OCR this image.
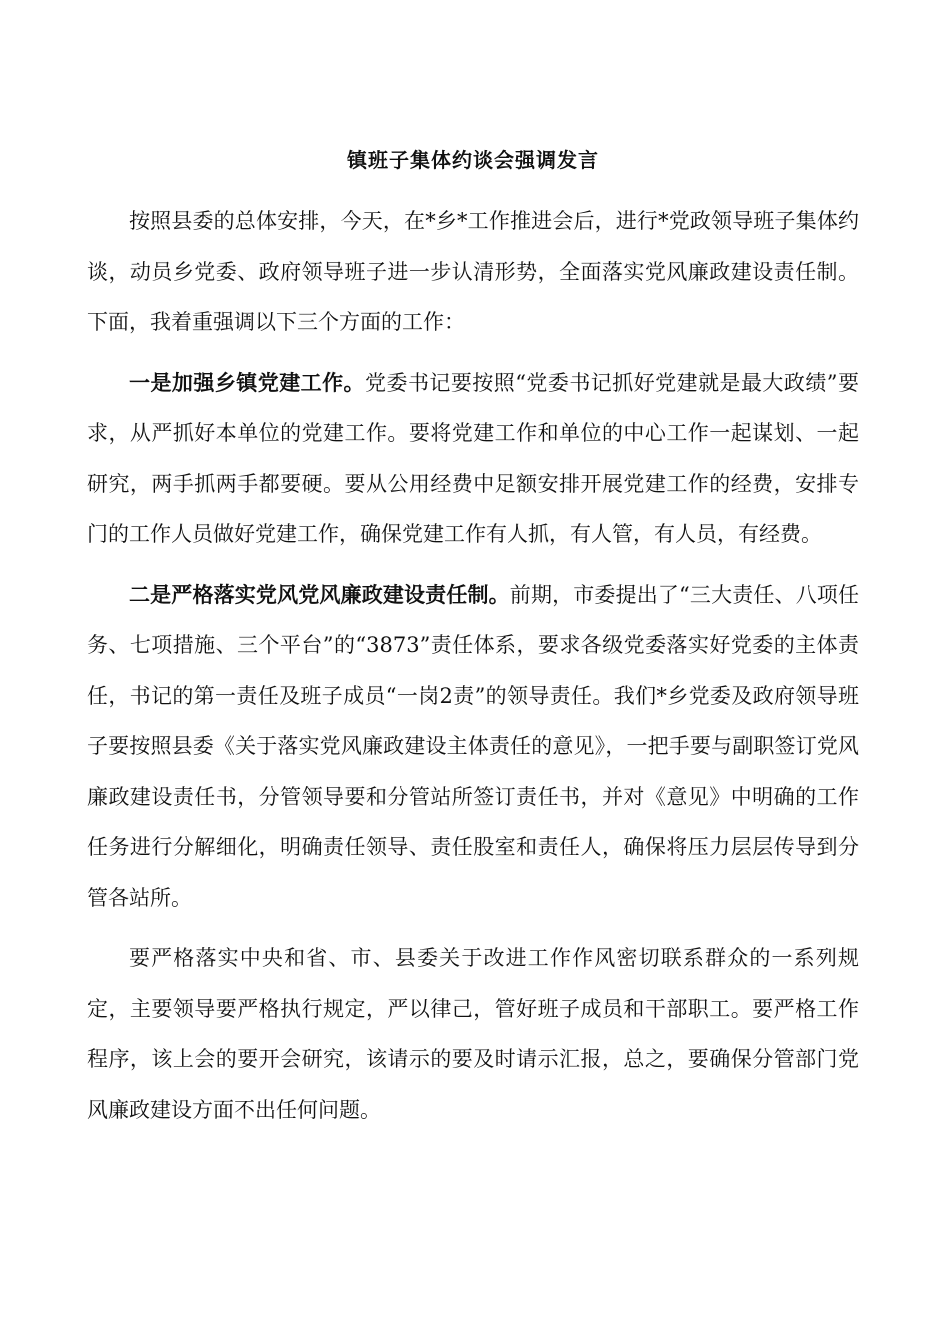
镇班子集体约谈会强调发言

按照县委的总体安排，今天，在*乡*工作推进会后，进行*党政领导班子集体约谈，动员乡党委、政府领导班子进一步认清形势，全面落实党风廉政建设责任制。下面，我着重强调以下三个方面的工作：

一是加强乡镇党建工作。党委书记要按照“党委书记抓好党建就是最大政绩”要求，从严抓好本单位的党建工作。要将党建工作和单位的中心工作一起谋划、一起研究，两手抓两手都要硬。要从公用经费中足额安排开展党建工作的经费，安排专门的工作人员做好党建工作，确保党建工作有人抓，有人管，有人员，有经费。

二是严格落实党风党风廉政建设责任制。前期，市委提出了“三大责任、八项任务、七项措施、三个平台”的“3873”责任体系，要求各级党委落实好党委的主体责任，书记的第一责任及班子成员“一岗2责”的领导责任。我们*乡党委及政府领导班子要按照县委《关于落实党风廉政建设主体责任的意见》，一把手要与副职签订党风廉政建设责任书，分管领导要和分管站所签订责任书，并对《意见》中明确的工作任务进行分解细化，明确责任领导、责任股室和责任人，确保将压力层层传导到分管各站所。

要严格落实中央和省、市、县委关于改进工作作风密切联系群众的一系列规定，主要领导要严格执行规定，严以律己，管好班子成员和干部职工。要严格工作程序，该上会的要开会研究，该请示的要及时请示汇报，总之，要确保分管部门党风廉政建设方面不出任何问题。
